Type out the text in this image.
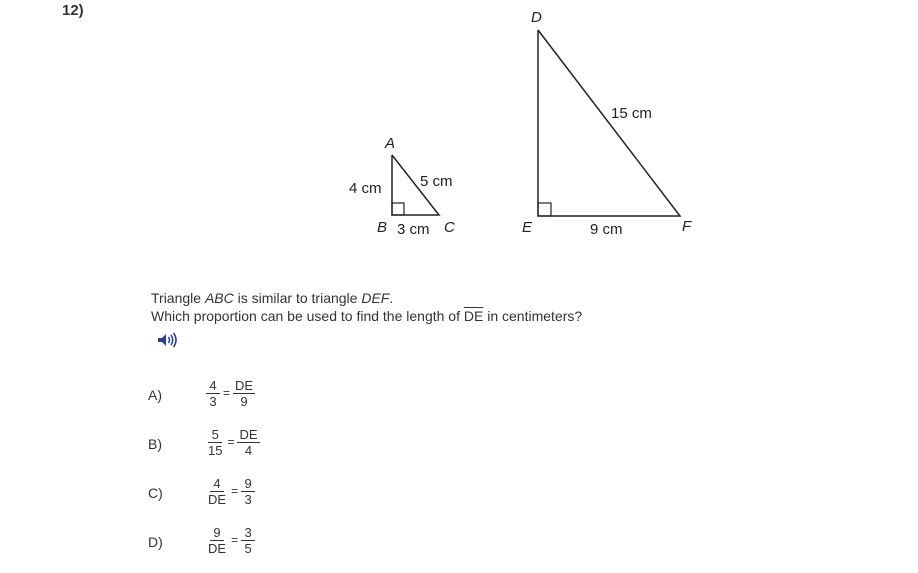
12)
A
B	C
4 cm	5 cm
3 cm
D
E	F
15 cm
9 cm
Triangle ABC is similar to triangle DEF.
Which proportion can be used to find the length of $\overline{DE}$ in centimeters?
A)	$\frac{4}{3} = \frac{DE}{9}$
B)	$\frac{5}{15} = \frac{DE}{4}$
C)	$\frac{4}{DE} = \frac{9}{3}$
D)	$\frac{9}{DE} = \frac{3}{5}$
